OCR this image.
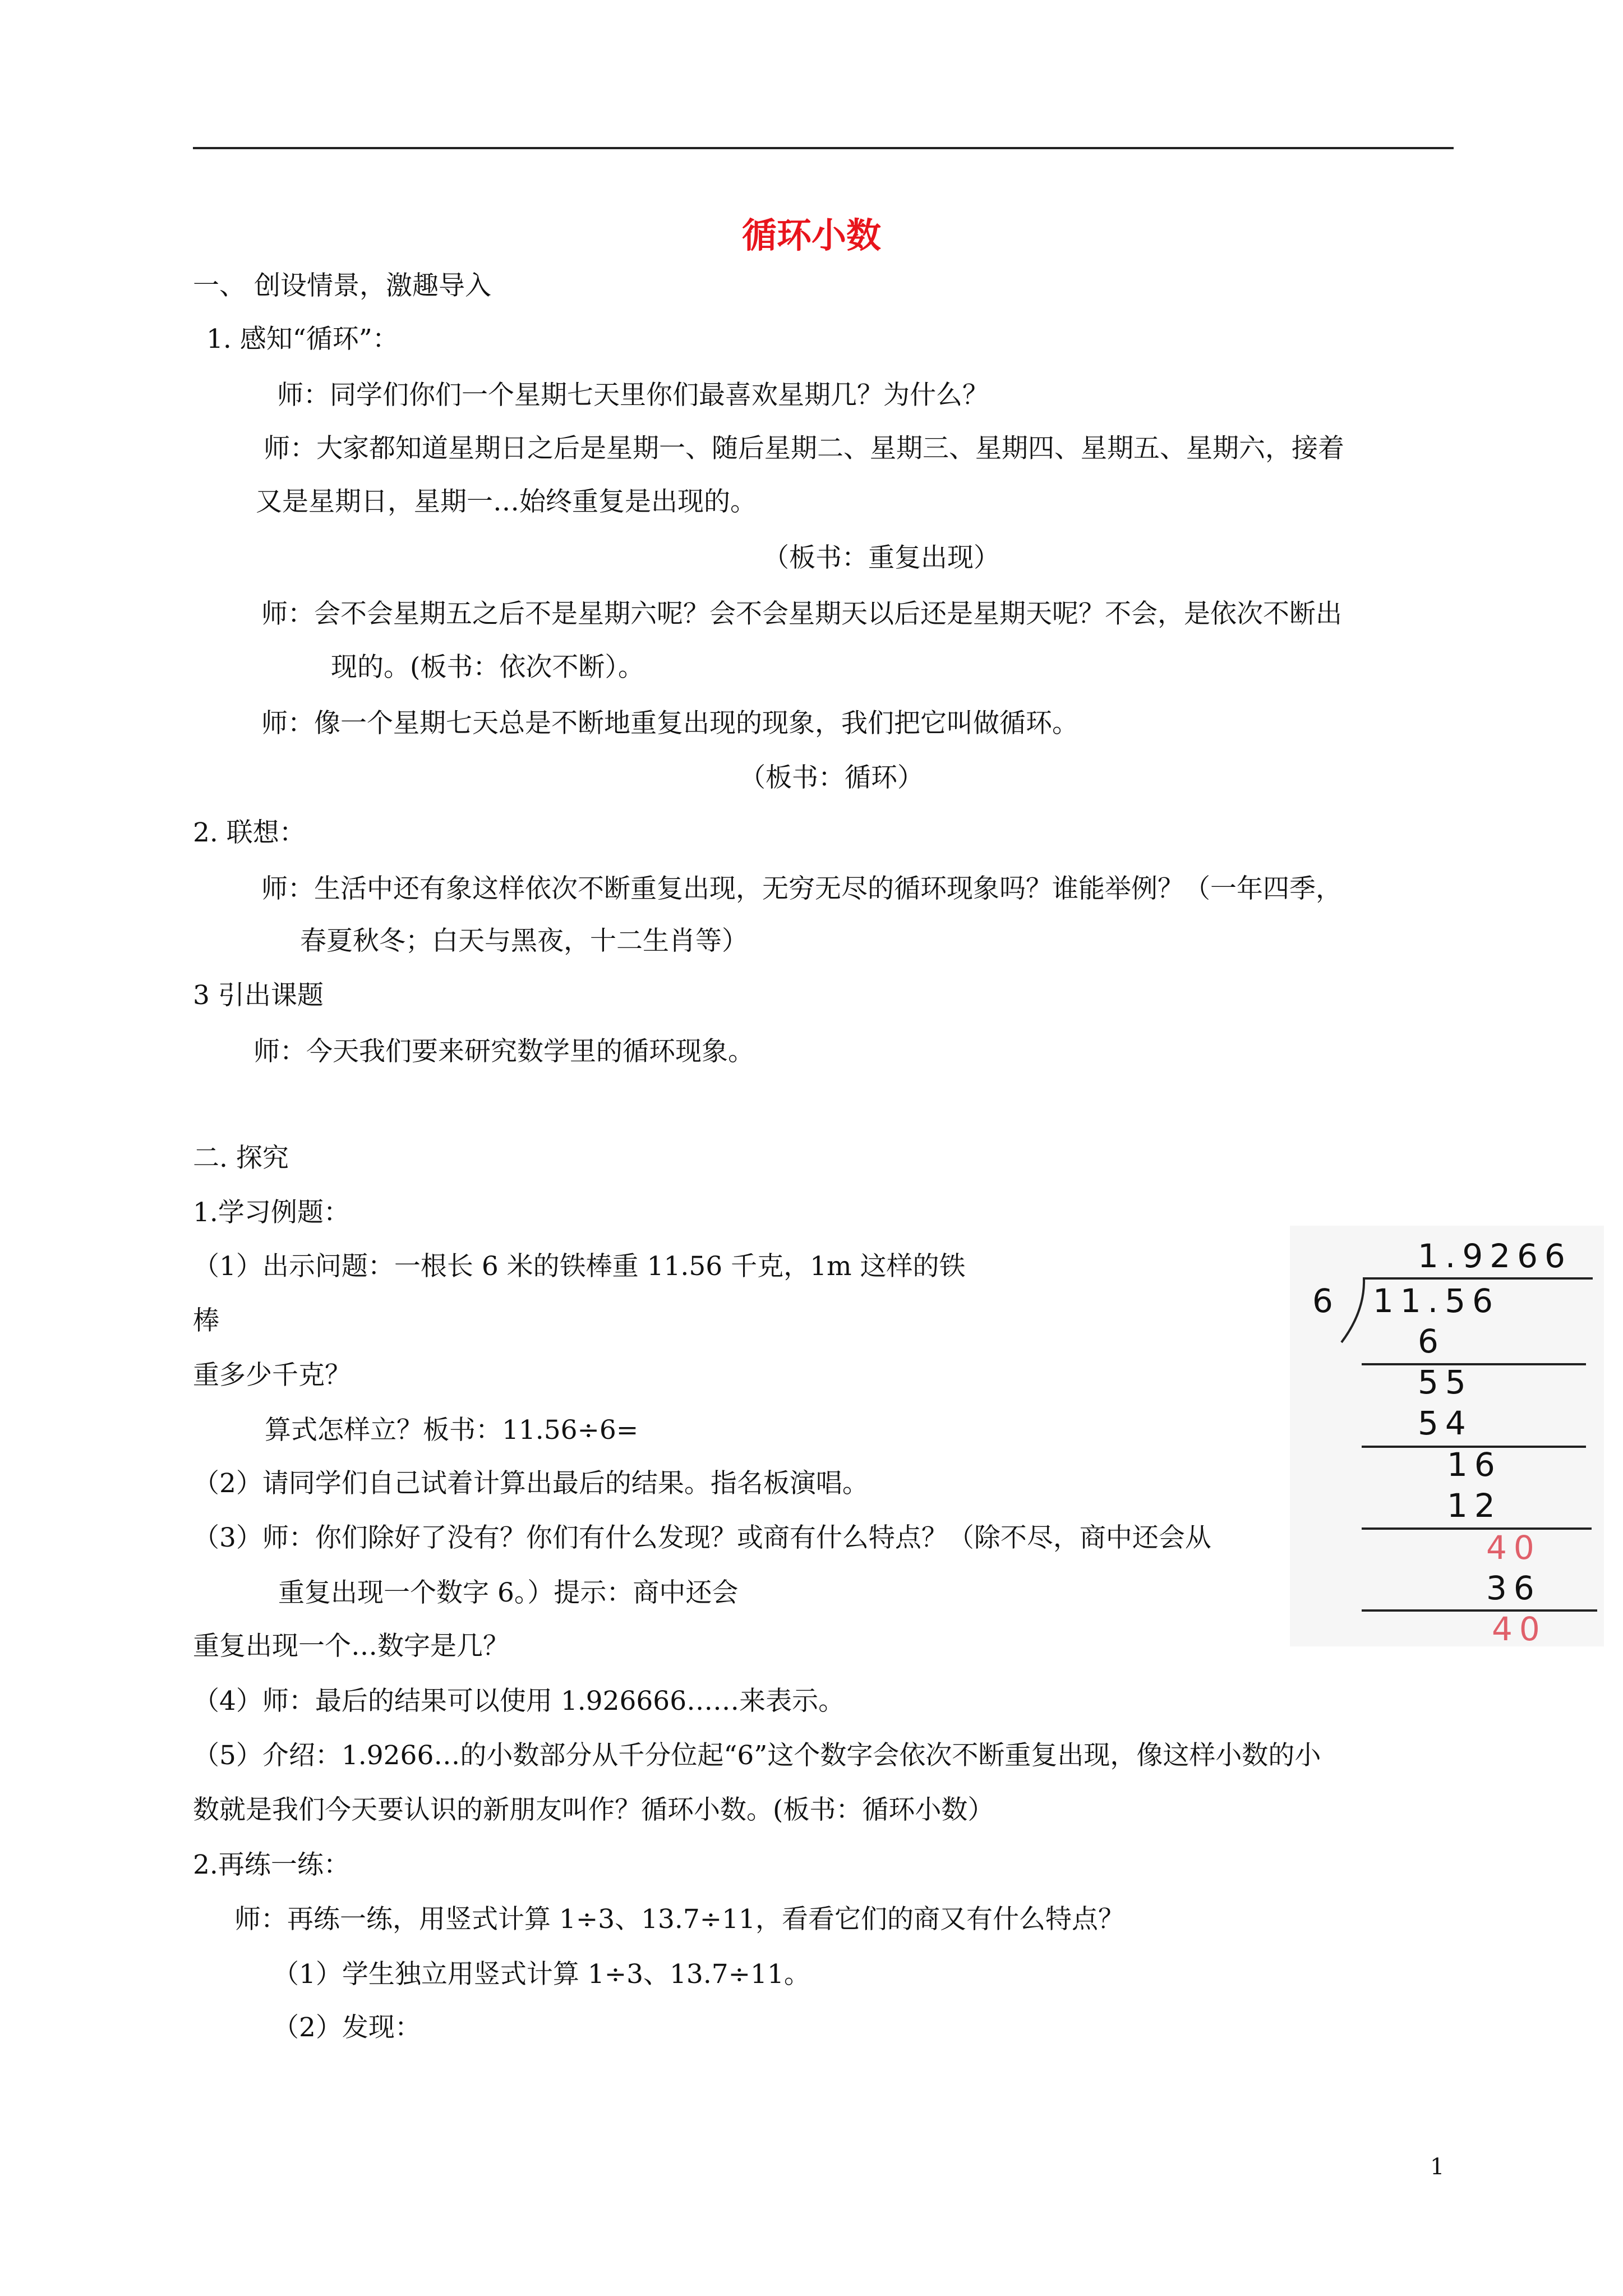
循环小数
一、 创设情景，激趣导入
1. 感知“循环”：
师：同学们你们一个星期七天里你们最喜欢星期几？为什么？
师：大家都知道星期日之后是星期一、随后星期二、星期三、星期四、星期五、星期六，接着
又是星期日，星期一…始终重复是出现的。
（板书：重复出现）
师：会不会星期五之后不是星期六呢？会不会星期天以后还是星期天呢？不会，是依次不断出
现的。(板书：依次不断）。
师：像一个星期七天总是不断地重复出现的现象，我们把它叫做循环。
（板书：循环）
2. 联想：
师：生活中还有象这样依次不断重复出现，无穷无尽的循环现象吗？谁能举例？（一年四季，
春夏秋冬；白天与黑夜，十二生肖等）
3 引出课题
师：今天我们要来研究数学里的循环现象。
二. 探究
1.学习例题：
（1）出示问题：一根长 6 米的铁棒重 11.56 千克，1m 这样的铁
棒
重多少千克？
算式怎样立？板书：11.56÷6=
（2）请同学们自己试着计算出最后的结果。指名板演唱。
（3）师：你们除好了没有？你们有什么发现？或商有什么特点？（除不尽，商中还会从
重复出现一个数字 6。）提示：商中还会
重复出现一个…数字是几？
（4）师：最后的结果可以使用 1.926666……来表示。
（5）介绍：1.9266…的小数部分从千分位起“6”这个数字会依次不断重复出现，像这样小数的小
数就是我们今天要认识的新朋友叫作？循环小数。(板书：循环小数）
2.再练一练：
师：再练一练，用竖式计算 1÷3、13.7÷11，看看它们的商又有什么特点？
（1）学生独立用竖式计算 1÷3、13.7÷11。
（2）发现：
1.9266
6 11.56
6
55
54
16
12
40
36
40
1
